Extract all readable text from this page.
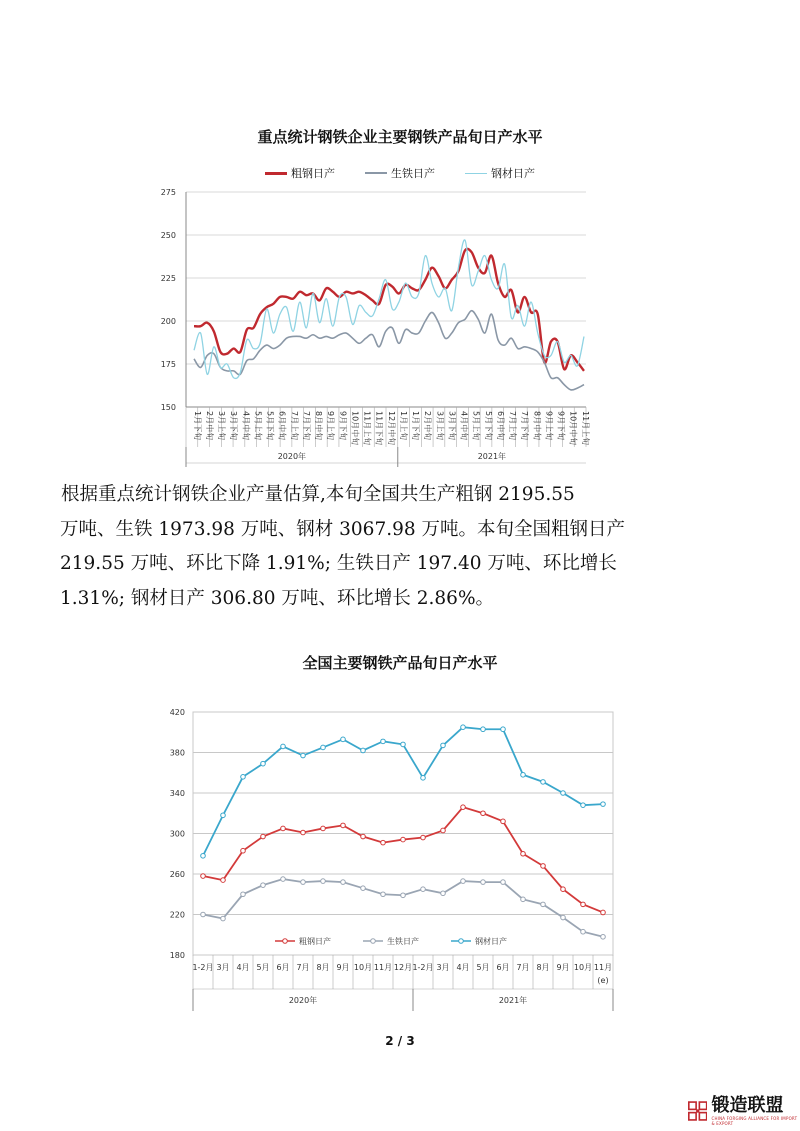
重点统计钢铁企业主要钢铁产品旬日产水平
粗钢日产	生铁日产	钢材日产
150
175
200
225
250
275
1月下旬 2月中旬 3月上旬 3月下旬 4月中旬 5月上旬 5月下旬 6月中旬 7月上旬 7月下旬 8月中旬 9月上旬 9月下旬 10月中旬 11月上旬 11月下旬 12月中旬 1月上旬 1月下旬 2月中旬 3月上旬 3月下旬 4月中旬 5月上旬 5月下旬 6月中旬 7月上旬 7月下旬 8月中旬 9月上旬 9月下旬 10月中旬 11月上旬
2020年	2021年
根据重点统计钢铁企业产量估算,本旬全国共生产粗钢 2195.55
万吨、生铁 1973.98 万吨、钢材 3067.98 万吨。本旬全国粗钢日产
219.55 万吨、环比下降 1.91%; 生铁日产 197.40 万吨、环比增长
1.31%; 钢材日产 306.80 万吨、环比增长 2.86%。
全国主要钢铁产品旬日产水平
180
220
260
300
340
380
420
1-2月 3月 4月 5月 6月 7月 8月 9月 10月 11月 12月 1-2月 3月 4月 5月 6月 7月 8月 9月 10月 11月
(e)
2020年	2021年
粗钢日产	生铁日产	钢材日产
2 / 3
锻造联盟
CHINA FORGING ALLIANCE FOR IMPORT & EXPORT
